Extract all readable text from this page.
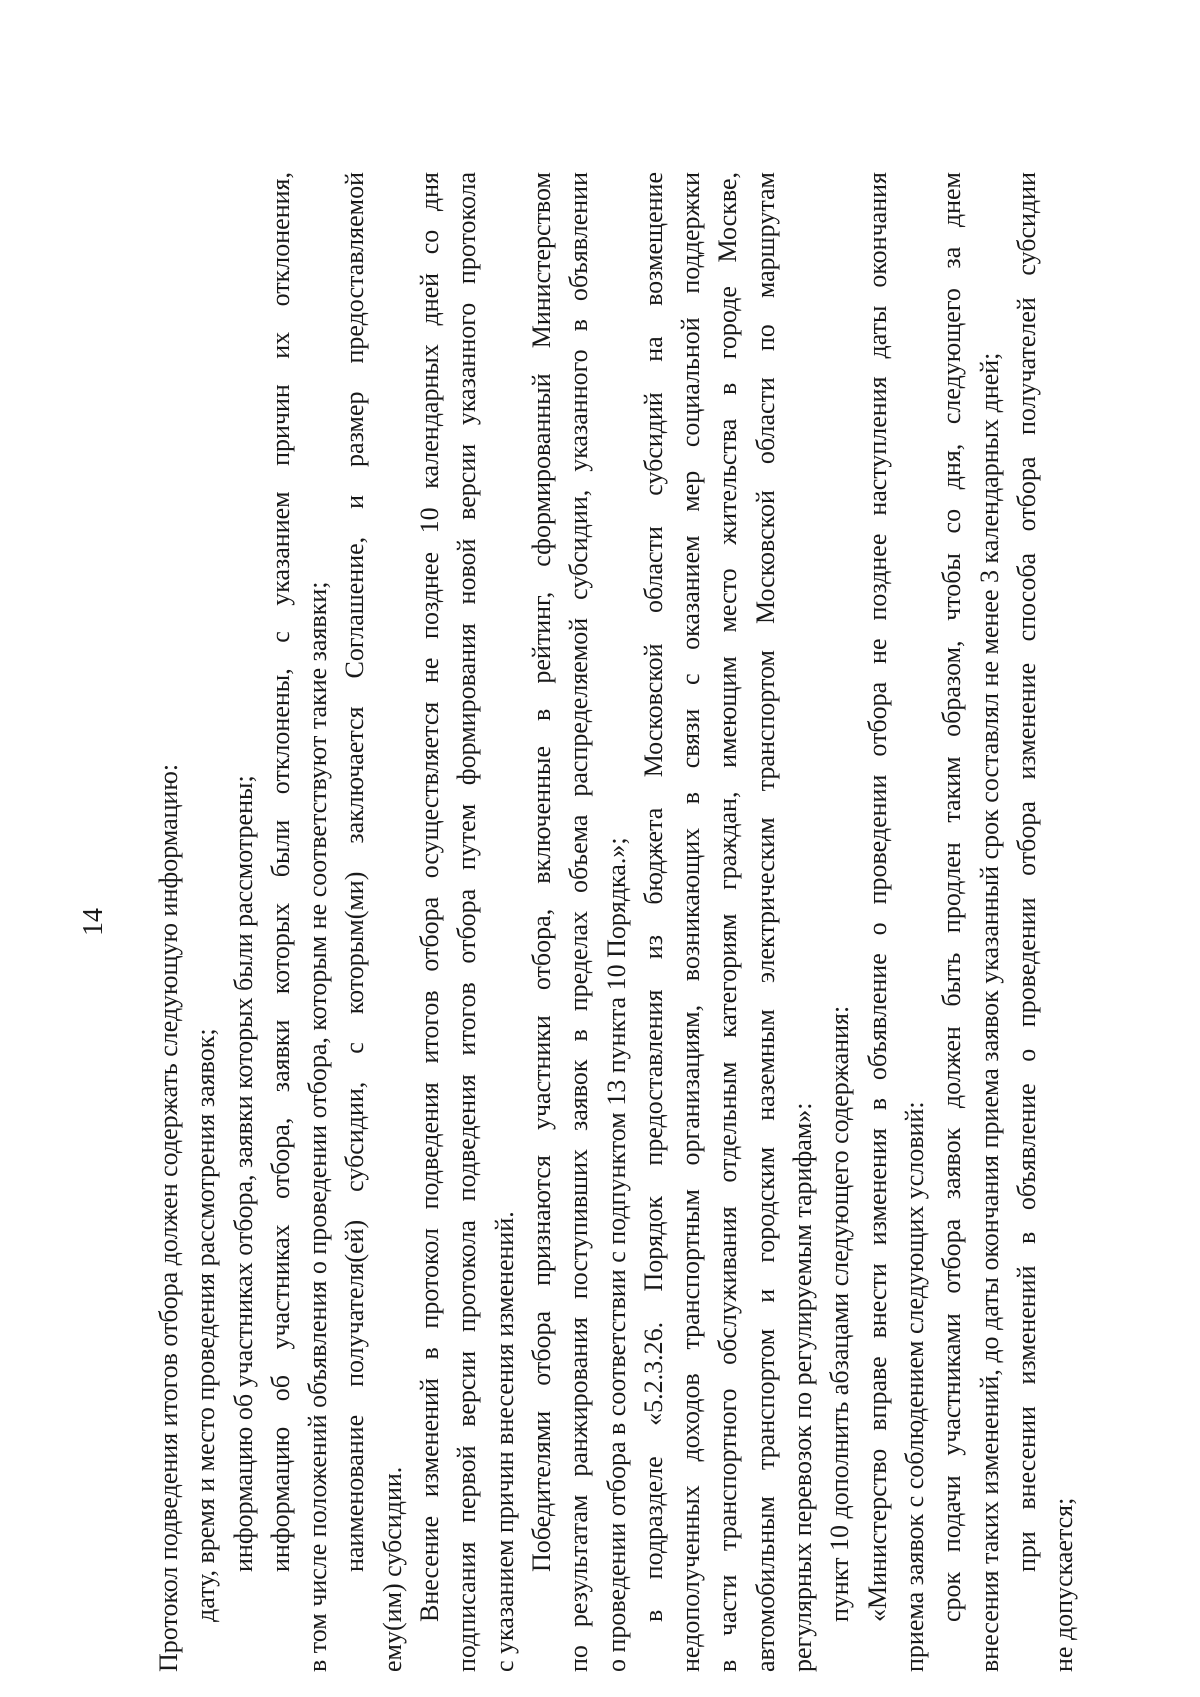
14 Протокол подведения итогов отбора должен содержать следующую информацию: дату, время и место проведения рассмотрения заявок; информацию об участниках отбора, заявки которых были рассмотрены; информацию об участниках отбора, заявки которых были отклонены, с указанием причин их отклонения, в том числе положений объявления о проведении отбора, которым не соответствуют такие заявки; наименование получателя(ей) субсидии, с которым(ми) заключается Соглашение, и размер предоставляемой ему(им) субсидии. Внесение изменений в протокол подведения итогов отбора осуществляется не позднее 10 календарных дней со дня подписания первой версии протокола подведения итогов отбора путем формирования новой версии указанного протокола с указанием причин внесения изменений. Победителями отбора признаются участники отбора, включенные в рейтинг, сформированный Министерством по результатам ранжирования поступивших заявок в пределах объема распределяемой субсидии, указанного в объявлении о проведении отбора в соответствии с подпунктом 13 пункта 10 Порядка.»; в подразделе «5.2.3.26. Порядок предоставления из бюджета Московской области субсидий на возмещение недополученных доходов транспортным организациям, возникающих в связи с оказанием мер социальной поддержки в части транспортного обслуживания отдельным категориям граждан, имеющим место жительства в городе Москве, автомобильным транспортом и городским наземным электрическим транспортом Московской области по маршрутам регулярных перевозок по регулируемым тарифам»: пункт 10 дополнить абзацами следующего содержания: «Министерство вправе внести изменения в объявление о проведении отбора не позднее наступления даты окончания приема заявок с соблюдением следующих условий: срок подачи участниками отбора заявок должен быть продлен таким образом, чтобы со дня, следующего за днем внесения таких изменений, до даты окончания приема заявок указанный срок составлял не менее 3 календарных дней; при внесении изменений в объявление о проведении отбора изменение способа отбора получателей субсидии
не допускается;
